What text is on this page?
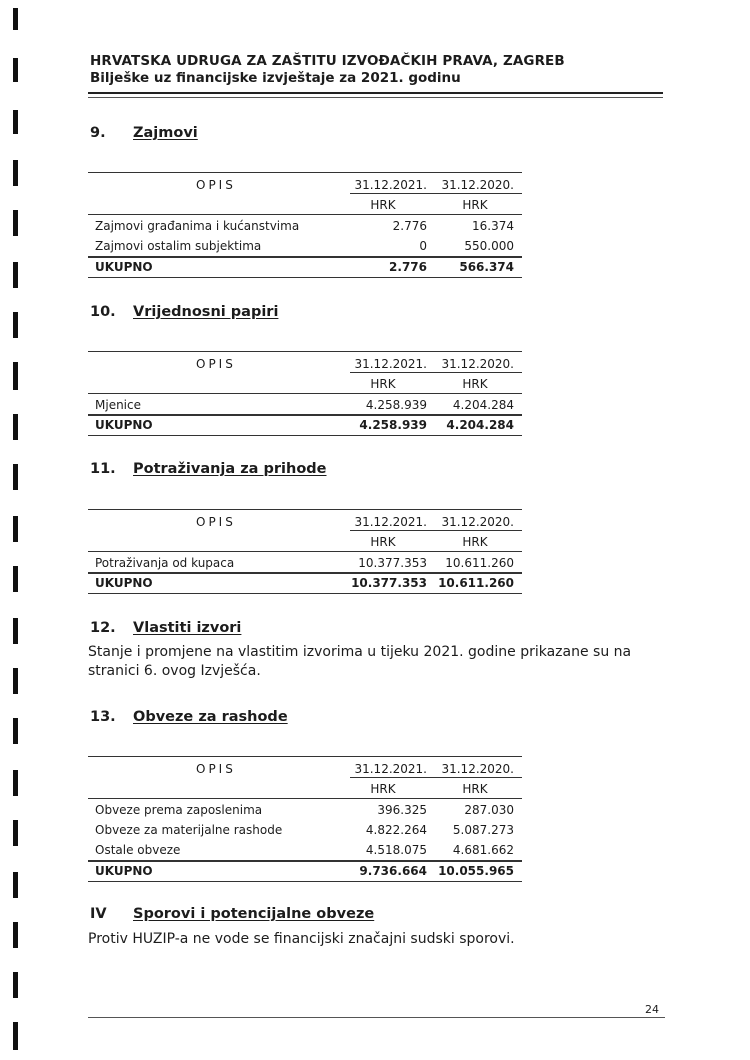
HRVATSKA UDRUGA ZA ZAŠTITU IZVOĐAČKIH PRAVA, ZAGREB
Bilješke uz financijske izvještaje za 2021. godinu
9. Zajmovi
OPIS	31.12.2021. 31.12.2020.
HRK	HRK
Zajmovi građanima i kućanstvima	2.776	16.374
Zajmovi ostalim subjektima	0	550.000
UKUPNO	2.776	566.374
10. Vrijednosni papiri
OPIS	31.12.2021. 31.12.2020.
HRK	HRK
Mjenice	4.258.939 4.204.284
UKUPNO	4.258.939 4.204.284
11. Potraživanja za prihode
OPIS	31.12.2021. 31.12.2020.
HRK	HRK
Potraživanja od kupaca	10.377.353 10.611.260
UKUPNO	10.377.353 10.611.260
12. Vlastiti izvori
Stanje i promjene na vlastitim izvorima u tijeku 2021. godine prikazane su na
stranici 6. ovog Izvješća.
13. Obveze za rashode
OPIS	31.12.2021. 31.12.2020.
HRK	HRK
Obveze prema zaposlenima	396.325	287.030
Obveze za materijalne rashode	4.822.264 5.087.273
Ostale obveze	4.518.075 4.681.662
UKUPNO	9.736.664 10.055.965
IV Sporovi i potencijalne obveze
Protiv HUZIP-a ne vode se financijski značajni sudski sporovi.
24
